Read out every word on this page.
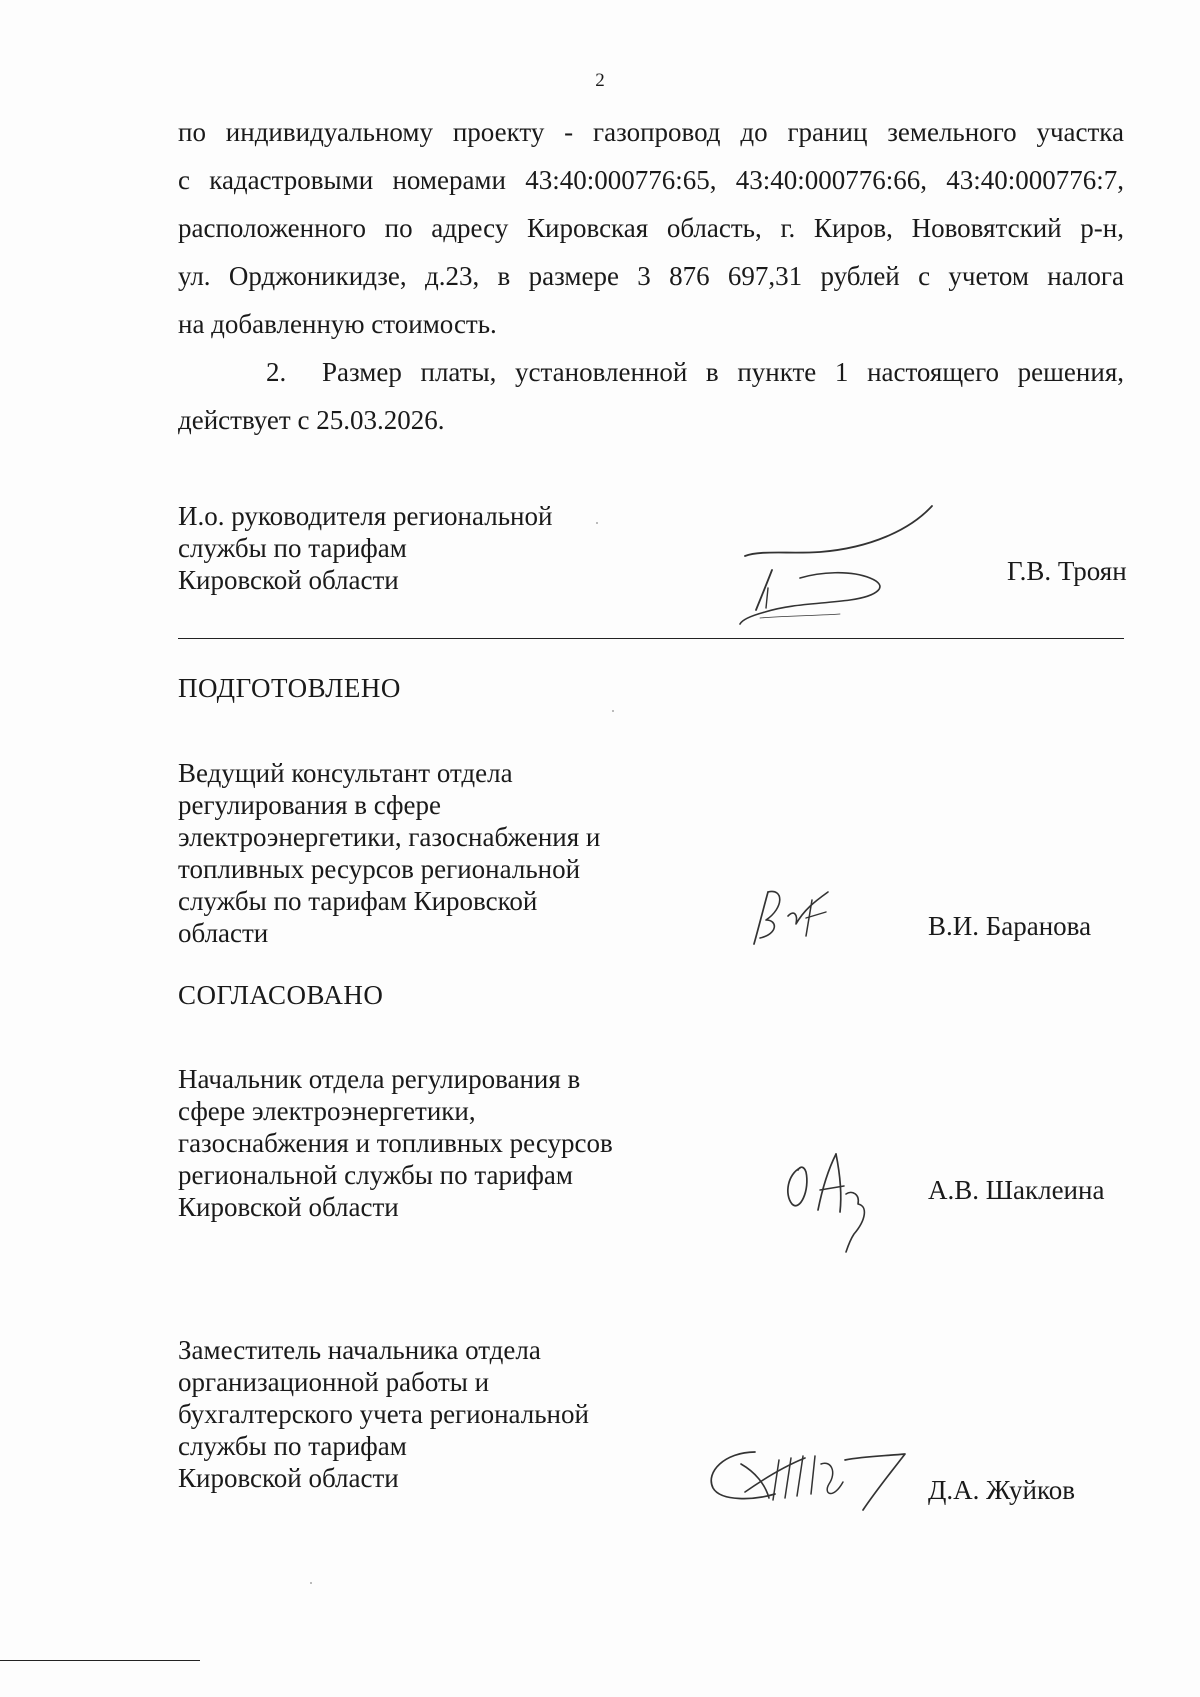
2
по индивидуальному проекту - газопровод до границ земельного участка
с кадастровыми номерами 43:40:000776:65, 43:40:000776:66, 43:40:000776:7,
расположенного по адресу Кировская область, г. Киров, Нововятский р-н,
ул. Орджоникидзе, д.23, в размере 3 876 697,31 рублей с учетом налога
на добавленную стоимость.
2. Размер платы, установленной в пункте 1 настоящего решения,
действует с 25.03.2026.
И.о. руководителя региональной
службы по тарифам
Кировской области	Г.В. Троян
ПОДГОТОВЛЕНО
Ведущий консультант отдела
регулирования в сфере
электроэнергетики, газоснабжения и
топливных ресурсов региональной
службы по тарифам Кировской
области	В.И. Баранова
СОГЛАСОВАНО
Начальник отдела регулирования в
сфере электроэнергетики,
газоснабжения и топливных ресурсов
региональной службы по тарифам
Кировской области
А.В. Шаклеина
Заместитель начальника отдела
организационной работы и
бухгалтерского учета региональной
службы по тарифам
Кировской области	Д.А. Жуйков
